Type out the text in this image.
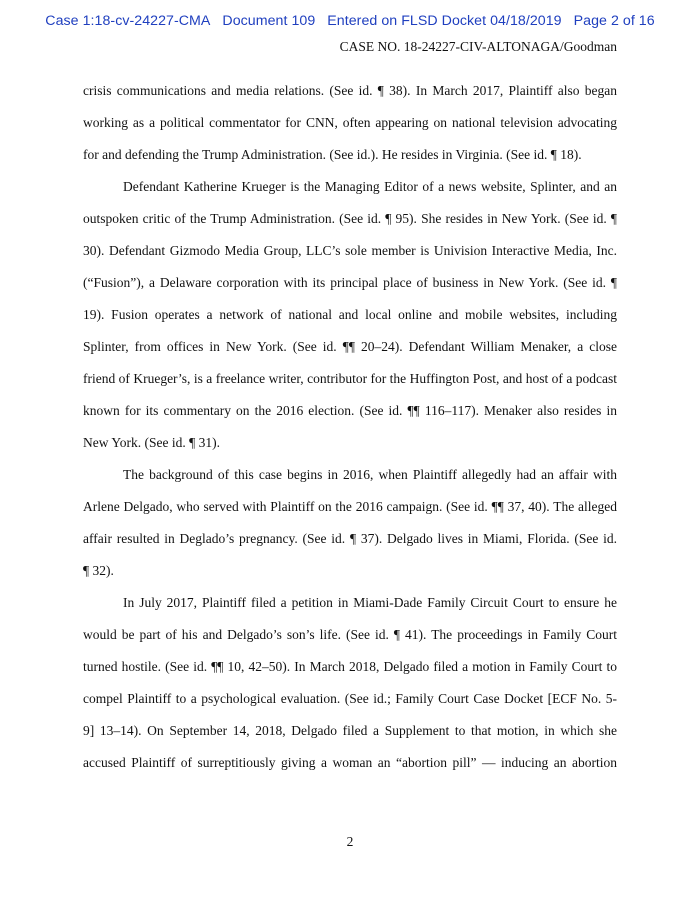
Case 1:18-cv-24227-CMA Document 109 Entered on FLSD Docket 04/18/2019 Page 2 of 16
CASE NO. 18-24227-CIV-ALTONAGA/Goodman
crisis communications and media relations. (See id. ¶ 38). In March 2017, Plaintiff also began
working as a political commentator for CNN, often appearing on national television advocating
for and defending the Trump Administration. (See id.). He resides in Virginia. (See id. ¶ 18).
Defendant Katherine Krueger is the Managing Editor of a news website, Splinter, and an
outspoken critic of the Trump Administration. (See id. ¶ 95). She resides in New York. (See id. ¶
30). Defendant Gizmodo Media Group, LLC’s sole member is Univision Interactive Media, Inc.
(“Fusion”), a Delaware corporation with its principal place of business in New York. (See id. ¶
19). Fusion operates a network of national and local online and mobile websites, including
Splinter, from offices in New York. (See id. ¶¶ 20–24). Defendant William Menaker, a close
friend of Krueger’s, is a freelance writer, contributor for the Huffington Post, and host of a podcast
known for its commentary on the 2016 election. (See id. ¶¶ 116–117). Menaker also resides in
New York. (See id. ¶ 31).
The background of this case begins in 2016, when Plaintiff allegedly had an affair with
Arlene Delgado, who served with Plaintiff on the 2016 campaign. (See id. ¶¶ 37, 40). The alleged
affair resulted in Deglado’s pregnancy. (See id. ¶ 37). Delgado lives in Miami, Florida. (See id.
¶ 32).
In July 2017, Plaintiff filed a petition in Miami-Dade Family Circuit Court to ensure he
would be part of his and Delgado’s son’s life. (See id. ¶ 41). The proceedings in Family Court
turned hostile. (See id. ¶¶ 10, 42–50). In March 2018, Delgado filed a motion in Family Court to
compel Plaintiff to a psychological evaluation. (See id.; Family Court Case Docket [ECF No. 5-
9] 13–14). On September 14, 2018, Delgado filed a Supplement to that motion, in which she
accused Plaintiff of surreptitiously giving a woman an “abortion pill” — inducing an abortion
2
